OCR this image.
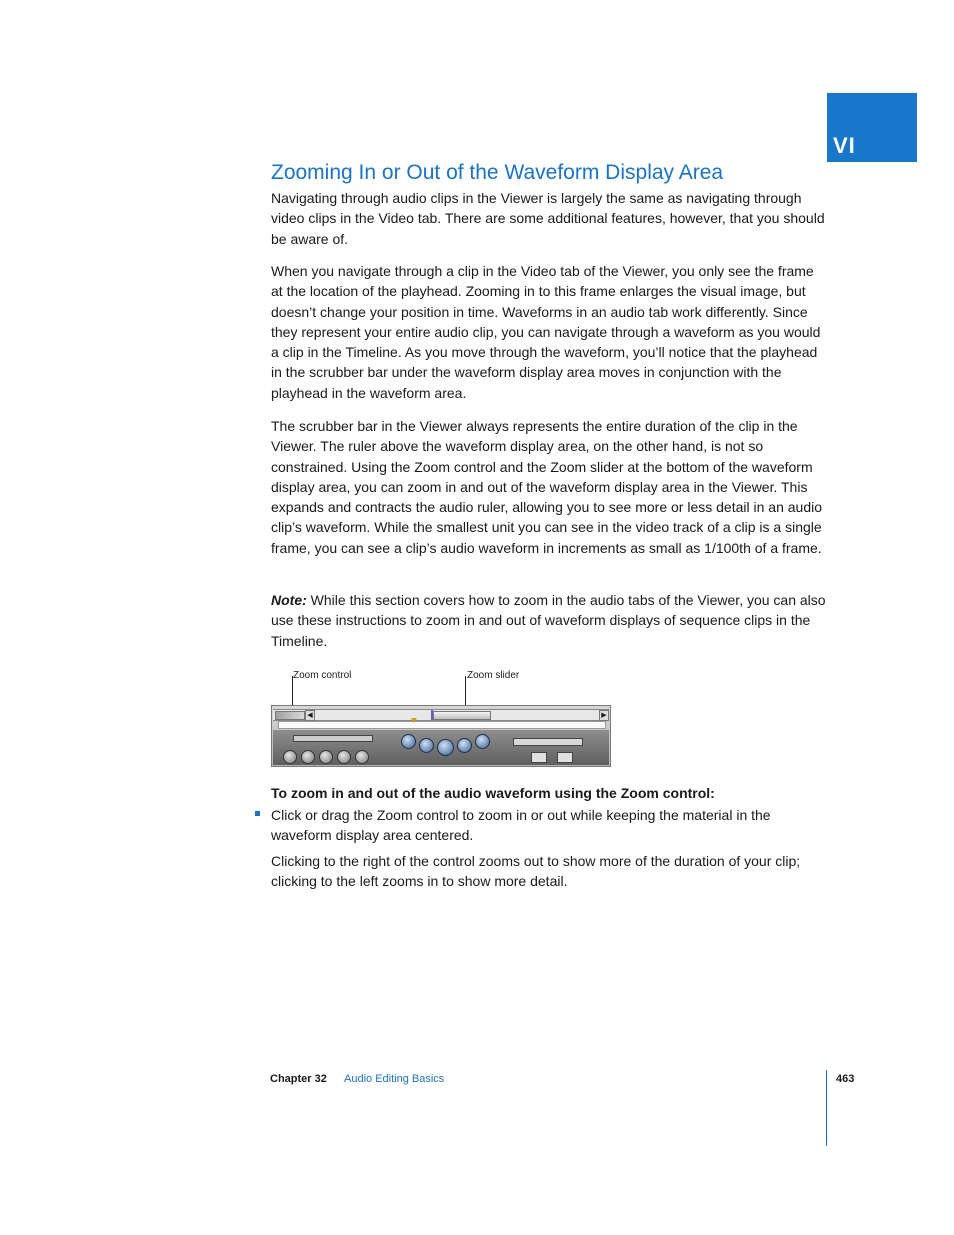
VI
Zooming In or Out of the Waveform Display Area

Navigating through audio clips in the Viewer is largely the same as navigating through video clips in the Video tab. There are some additional features, however, that you should be aware of.

When you navigate through a clip in the Video tab of the Viewer, you only see the frame at the location of the playhead. Zooming in to this frame enlarges the visual image, but doesn’t change your position in time. Waveforms in an audio tab work differently. Since they represent your entire audio clip, you can navigate through a waveform as you would a clip in the Timeline. As you move through the waveform, you’ll notice that the playhead in the scrubber bar under the waveform display area moves in conjunction with the playhead in the waveform area.

The scrubber bar in the Viewer always represents the entire duration of the clip in the Viewer. The ruler above the waveform display area, on the other hand, is not so constrained. Using the Zoom control and the Zoom slider at the bottom of the waveform display area, you can zoom in and out of the waveform display area in the Viewer. This expands and contracts the audio ruler, allowing you to see more or less detail in an audio clip’s waveform. While the smallest unit you can see in the video track of a clip is a single frame, you can see a clip’s audio waveform in increments as small as 1/100th of a frame.

Note: While this section covers how to zoom in the audio tabs of the Viewer, you can also use these instructions to zoom in and out of waveform displays of sequence clips in the Timeline.

Zoom control	Zoom slider
◀	▶

To zoom in and out of the audio waveform using the Zoom control:

Click or drag the Zoom control to zoom in or out while keeping the material in the waveform display area centered.

Clicking to the right of the control zooms out to show more of the duration of your clip; clicking to the left zooms in to show more detail.

Chapter 32 Audio Editing Basics	463
